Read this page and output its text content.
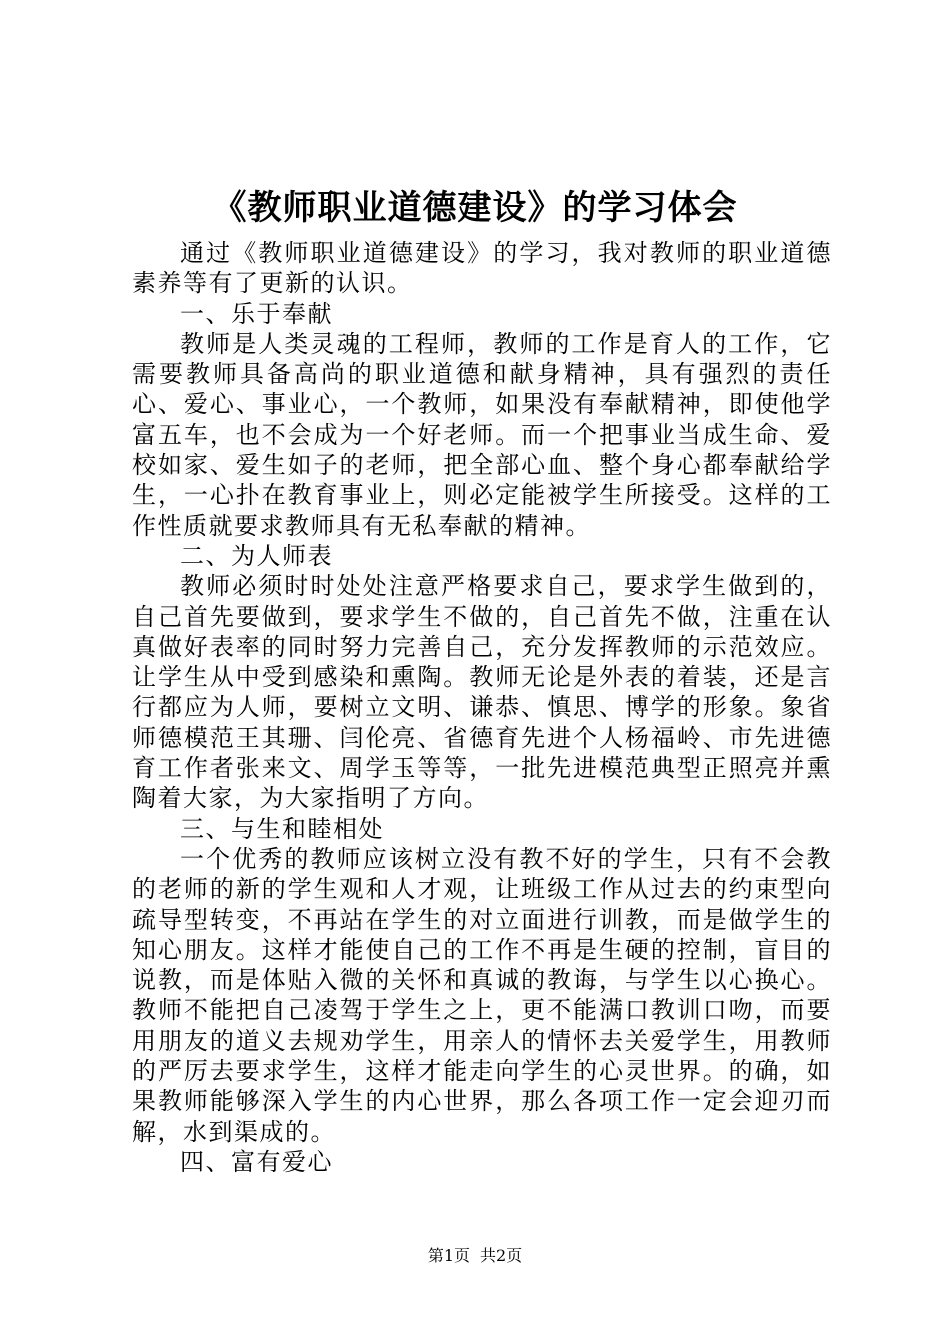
《教师职业道德建设》的学习体会

通过《教师职业道德建设》的学习，我对教师的职业道德素养等有了更新的认识。

一、乐于奉献

教师是人类灵魂的工程师，教师的工作是育人的工作，它需要教师具备高尚的职业道德和献身精神，具有强烈的责任心、爱心、事业心，一个教师，如果没有奉献精神，即使他学富五车，也不会成为一个好老师。而一个把事业当成生命、爱校如家、爱生如子的老师，把全部心血、整个身心都奉献给学生，一心扑在教育事业上，则必定能被学生所接受。这样的工作性质就要求教师具有无私奉献的精神。

二、为人师表

教师必须时时处处注意严格要求自己，要求学生做到的，自己首先要做到，要求学生不做的，自己首先不做，注重在认真做好表率的同时努力完善自己，充分发挥教师的示范效应。让学生从中受到感染和熏陶。教师无论是外表的着装，还是言行都应为人师，要树立文明、谦恭、慎思、博学的形象。象省师德模范王其珊、闫伦亮、省德育先进个人杨福岭、市先进德育工作者张来文、周学玉等等，一批先进模范典型正照亮并熏陶着大家，为大家指明了方向。

三、与生和睦相处

一个优秀的教师应该树立没有教不好的学生，只有不会教的老师的新的学生观和人才观，让班级工作从过去的约束型向疏导型转变，不再站在学生的对立面进行训教，而是做学生的知心朋友。这样才能使自己的工作不再是生硬的控制，盲目的说教，而是体贴入微的关怀和真诚的教诲，与学生以心换心。教师不能把自己凌驾于学生之上，更不能满口教训口吻，而要用朋友的道义去规劝学生，用亲人的情怀去关爱学生，用教师的严厉去要求学生，这样才能走向学生的心灵世界。的确，如果教师能够深入学生的内心世界，那么各项工作一定会迎刃而解，水到渠成的。

四、富有爱心

第1页 共2页
